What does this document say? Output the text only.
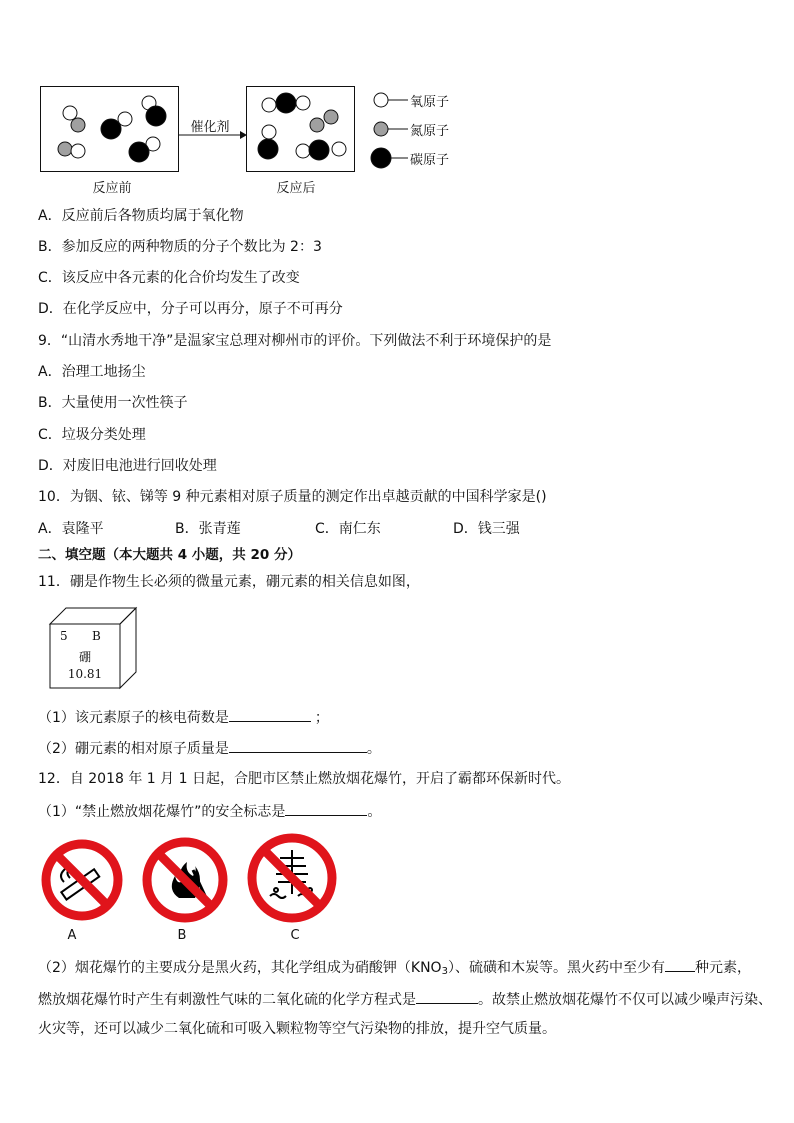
反应前
催化剂
反应后
氧原子
氮原子
碳原子
A．反应前后各物质均属于氧化物
B．参加反应的两种物质的分子个数比为 2：3
C．该反应中各元素的化合价均发生了改变
D．在化学反应中，分子可以再分，原子不可再分
9．“山清水秀地干净”是温家宝总理对柳州市的评价。下列做法不利于环境保护的是
A．治理工地扬尘
B．大量使用一次性筷子
C．垃圾分类处理
D．对废旧电池进行回收处理
10．为铟、铱、锑等 9 种元素相对原子质量的测定作出卓越贡献的中国科学家是()
A．袁隆平	B．张青莲	C．南仁东	D．钱三强
二、填空题（本大题共 4 小题，共 20 分）
11．硼是作物生长必须的微量元素，硼元素的相关信息如图，
5 B
硼
10.81
（1）该元素原子的核电荷数是	；
（2）硼元素的相对原子质量是	。
12．自 2018 年 1 月 1 日起，合肥市区禁止燃放烟花爆竹，开启了霸都环保新时代。
（1）“禁止燃放烟花爆竹”的安全标志是	。
A	B	C
（2）烟花爆竹的主要成分是黑火药，其化学组成为硝酸钾$(KNO_3)$、硫磺和木炭等。黑火药中至少有 种元素，
燃放烟花爆竹时产生有刺激性气味的二氧化硫的化学方程式是	。故禁止燃放烟花爆竹不仅可以减少噪声污染、
火灾等，还可以减少二氧化硫和可吸入颗粒物等空气污染物的排放，提升空气质量。
